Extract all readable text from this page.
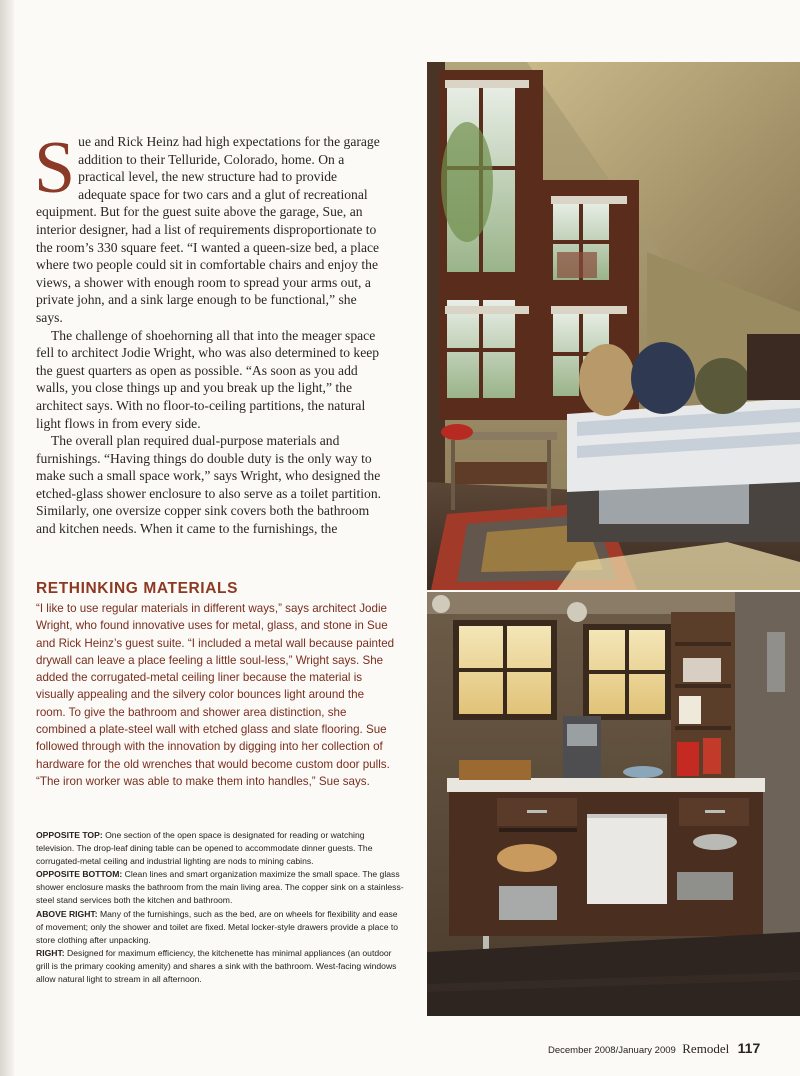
Sue and Rick Heinz had high expectations for the garage addition to their Telluride, Colorado, home. On a practical level, the new structure had to provide adequate space for two cars and a glut of recreational equipment. But for the guest suite above the garage, Sue, an interior designer, had a list of requirements disproportionate to the room’s 330 square feet. “I wanted a queen-size bed, a place where two people could sit in comfortable chairs and enjoy the views, a shower with enough room to spread your arms out, a private john, and a sink large enough to be functional,” she says.

The challenge of shoehorning all that into the meager space fell to architect Jodie Wright, who was also determined to keep the guest quarters as open as possible. “As soon as you add walls, you close things up and you break up the light,” the architect says. With no floor-to-ceiling partitions, the natural light flows in from every side.

The overall plan required dual-purpose materials and furnishings. “Having things do double duty is the only way to make such a small space work,” says Wright, who designed the etched-glass shower enclosure to also serve as a toilet partition. Similarly, one oversize copper sink covers both the bathroom and kitchen needs. When it came to the furnishings, the

RETHINKING MATERIALS

“I like to use regular materials in different ways,” says architect Jodie Wright, who found innovative uses for metal, glass, and stone in Sue and Rick Heinz’s guest suite. “I included a metal wall because painted drywall can leave a place feeling a little soul-less,” Wright says. She added the corrugated-metal ceiling liner because the material is visually appealing and the silvery color bounces light around the room. To give the bathroom and shower area distinction, she combined a plate-steel wall with etched glass and slate flooring. Sue followed through with the innovation by digging into her collection of hardware for the old wrenches that would become custom door pulls. “The iron worker was able to make them into handles,” Sue says.

OPPOSITE TOP: One section of the open space is designated for reading or watching television. The drop-leaf dining table can be opened to accommodate dinner guests. The corrugated-metal ceiling and industrial lighting are nods to mining cabins.
OPPOSITE BOTTOM: Clean lines and smart organization maximize the small space. The glass shower enclosure masks the bathroom from the main living area. The copper sink on a stainless-steel stand services both the kitchen and bathroom.
ABOVE RIGHT: Many of the furnishings, such as the bed, are on wheels for flexibility and ease of movement; only the shower and toilet are fixed. Metal locker-style drawers provide a place to store clothing after unpacking.
RIGHT: Designed for maximum efficiency, the kitchenette has minimal appliances (an outdoor grill is the primary cooking amenity) and shares a sink with the bathroom. West-facing windows allow natural light to stream in all afternoon.
December 2008/January 2009 Remodel 117
